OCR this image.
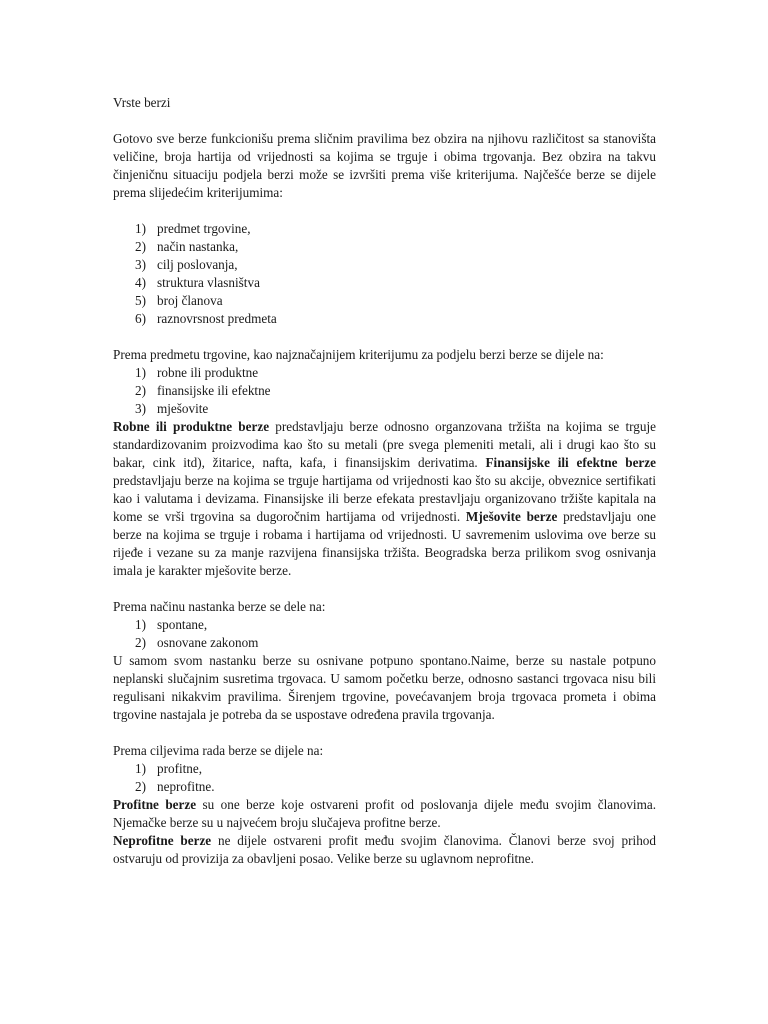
Vrste berzi

Gotovo sve berze funkcionišu prema sličnim pravilima bez obzira na njihovu različitost sa stanovišta veličine, broja hartija od vrijednosti sa kojima se trguje i obima trgovanja. Bez obzira na takvu činjeničnu situaciju podjela berzi može se izvršiti prema više kriterijuma. Najčešće berze se dijele prema slijedećim kriterijumima:

1) predmet trgovine,
2) način nastanka,
3) cilj poslovanja,
4) struktura vlasništva
5) broj članova
6) raznovrsnost predmeta

Prema predmetu trgovine, kao najznačajnijem kriterijumu za podjelu berzi berze se dijele na:

1) robne ili produktne
2) finansijske ili efektne
3) mješovite

Robne ili produktne berze predstavljaju berze odnosno organzovana tržišta na kojima se trguje standardizovanim proizvodima kao što su metali (pre svega plemeniti metali, ali i drugi kao što su bakar, cink itd), žitarice, nafta, kafa, i finansijskim derivatima. Finansijske ili efektne berze predstavljaju berze na kojima se trguje hartijama od vrijednosti kao što su akcije, obveznice sertifikati kao i valutama i devizama. Finansijske ili berze efekata prestavljaju organizovano tržište kapitala na kome se vrši trgovina sa dugoročnim hartijama od vrijednosti. Mješovite berze predstavljaju one berze na kojima se trguje i robama i hartijama od vrijednosti. U savremenim uslovima ove berze su rijeđe i vezane su za manje razvijena finansijska tržišta. Beogradska berza prilikom svog osnivanja imala je karakter mješovite berze.

Prema načinu nastanka berze se dele na:

1) spontane,
2) osnovane zakonom

U samom svom nastanku berze su osnivane potpuno spontano.Naime, berze su nastale potpuno neplanski slučajnim susretima trgovaca. U samom početku berze, odnosno sastanci trgovaca nisu bili regulisani nikakvim pravilima. Širenjem trgovine, povećavanjem broja trgovaca prometa i obima trgovine nastajala je potreba da se uspostave određena pravila trgovanja.

Prema ciljevima rada berze se dijele na:

1) profitne,
2) neprofitne.

Profitne berze su one berze koje ostvareni profit od poslovanja dijele među svojim članovima. Njemačke berze su u najvećem broju slučajeva profitne berze.

Neprofitne berze ne dijele ostvareni profit među svojim članovima. Članovi berze svoj prihod ostvaruju od provizija za obavljeni posao. Velike berze su uglavnom neprofitne.
